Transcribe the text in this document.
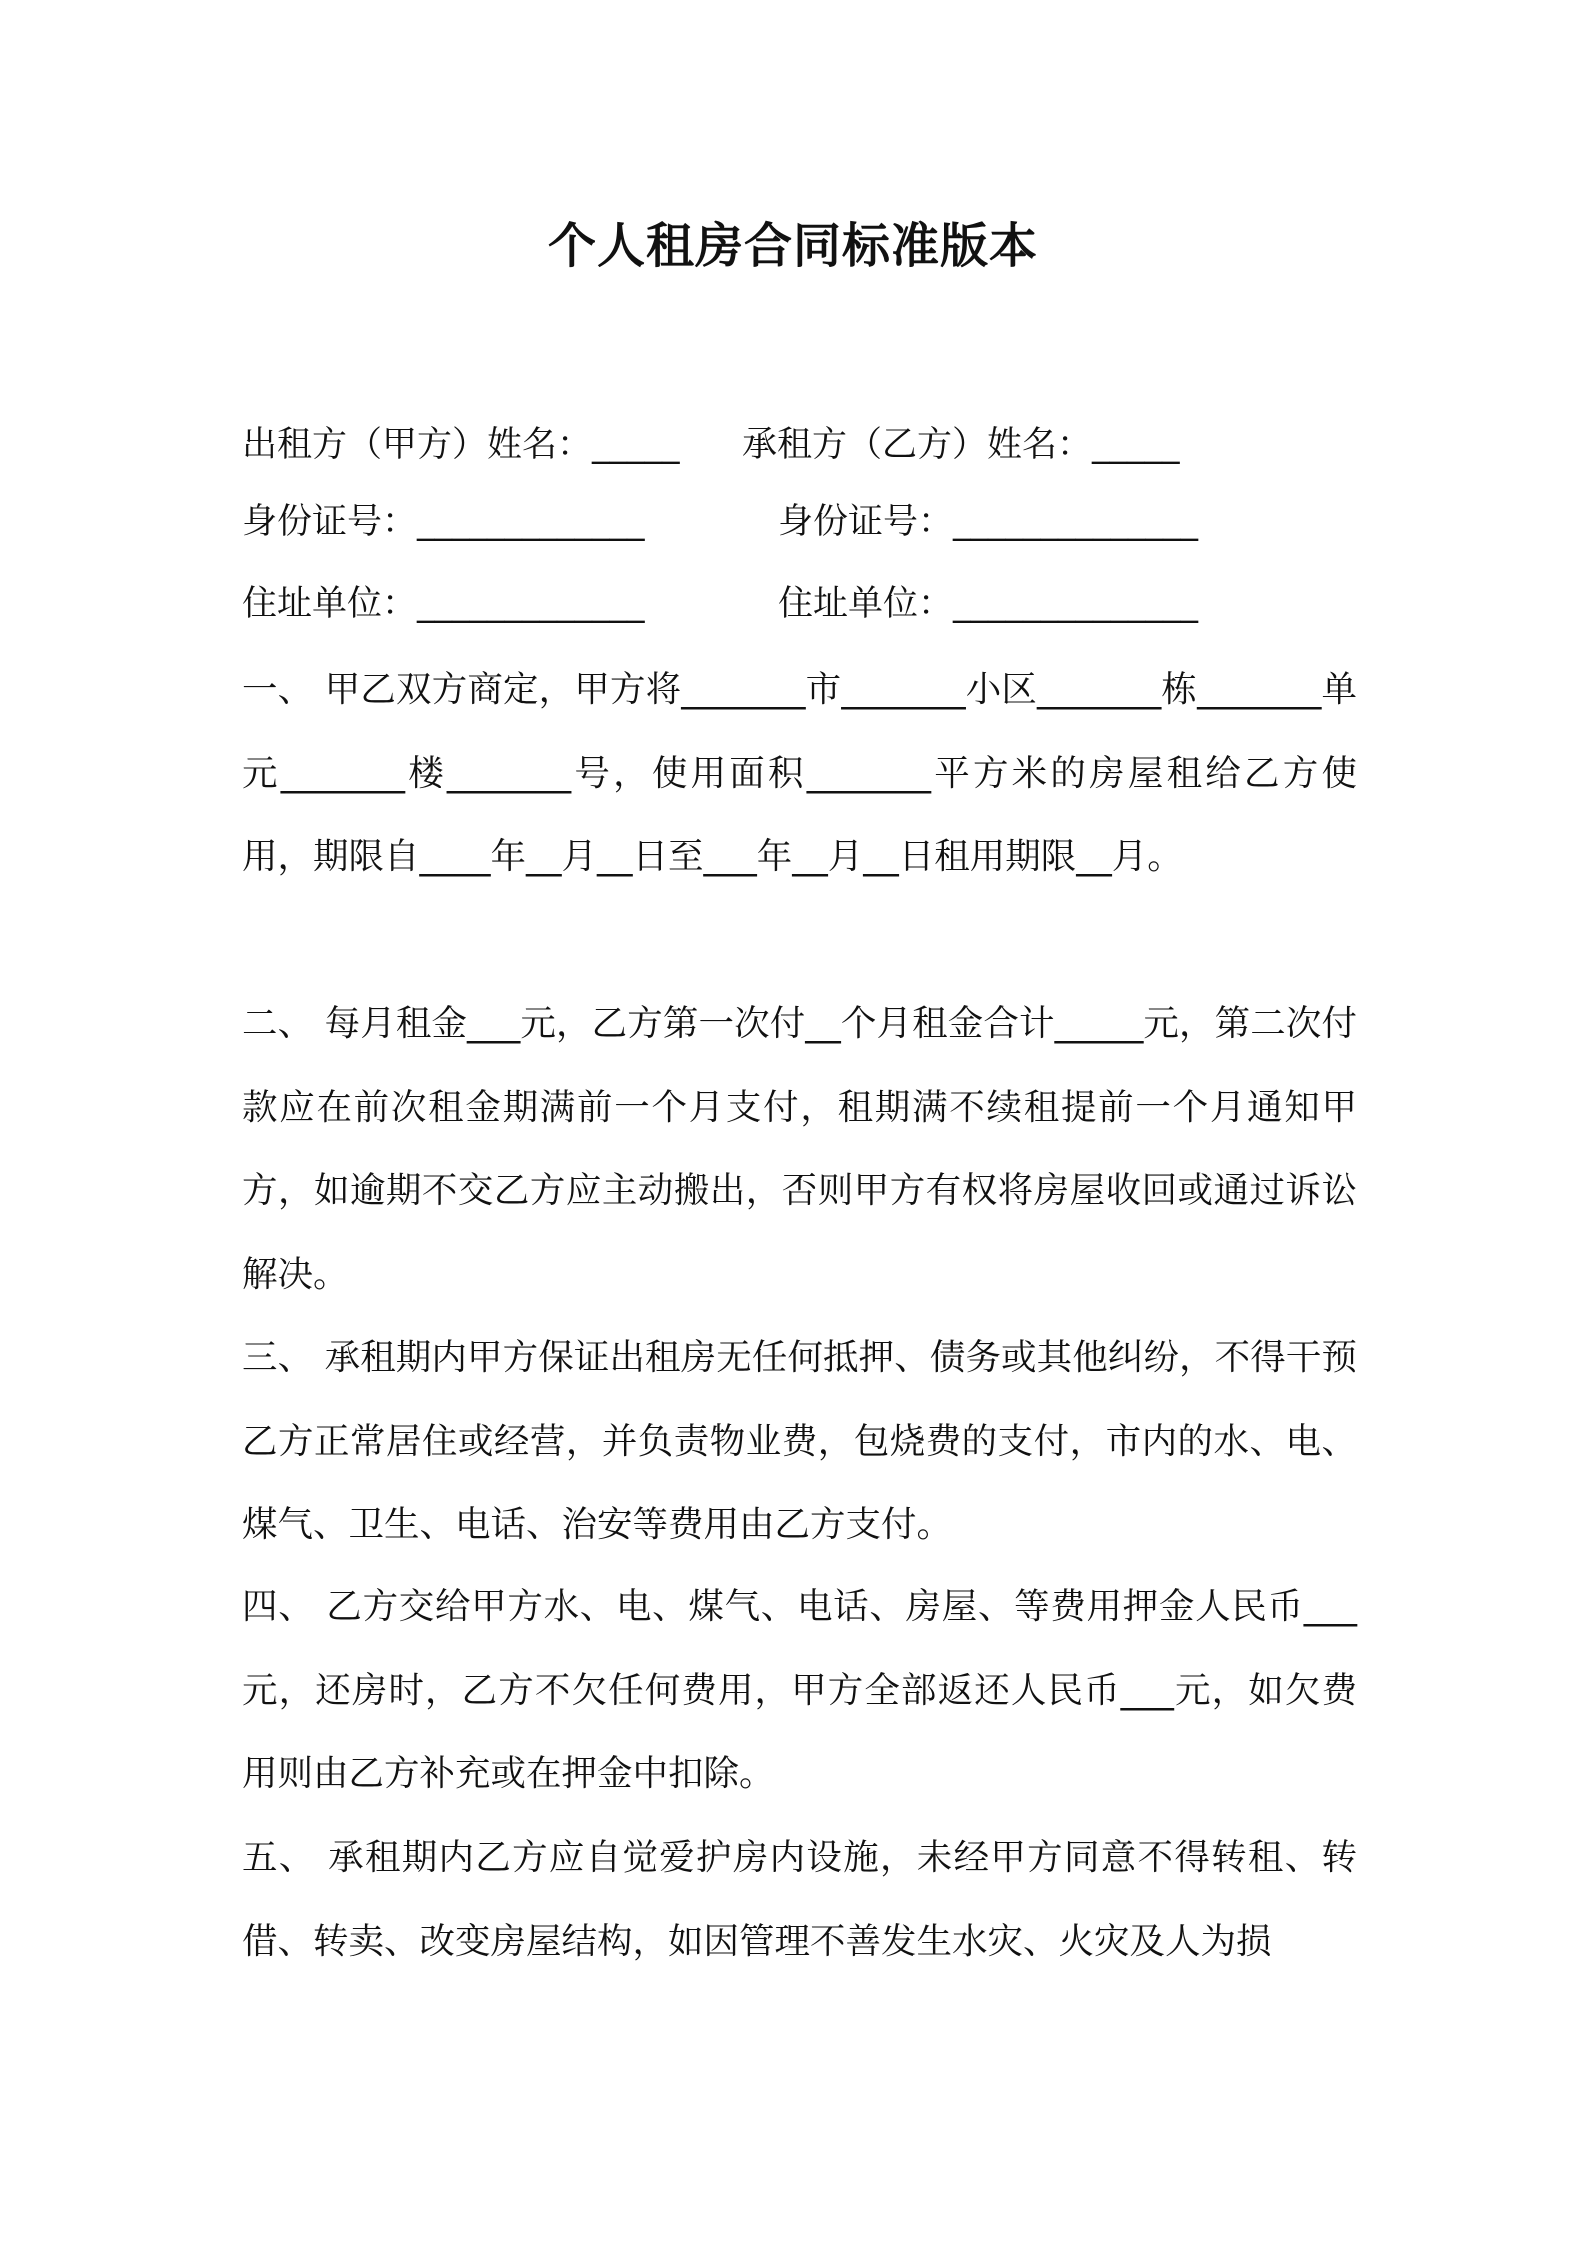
个人租房合同标准版本
出租方（甲方）姓名：_____ 承租方（乙方）姓名：_____
身份证号：_____________	身份证号：______________
住址单位：_____________	住址单位：______________

一、 甲乙双方商定，甲方将_______市_______小区_______栋_______单元_______楼_______号，使用面积_______平方米的房屋租给乙方使用，期限自____年__月__日至___年__月__日租用期限__月。

二、 每月租金___元，乙方第一次付__个月租金合计_____元，第二次付款应在前次租金期满前一个月支付，租期满不续租提前一个月通知甲方，如逾期不交乙方应主动搬出，否则甲方有权将房屋收回或通过诉讼解决。

三、 承租期内甲方保证出租房无任何抵押、债务或其他纠纷，不得干预乙方正常居住或经营，并负责物业费，包烧费的支付，市内的水、电、煤气、卫生、电话、治安等费用由乙方支付。

四、 乙方交给甲方水、电、煤气、电话、房屋、等费用押金人民币___元，还房时，乙方不欠任何费用，甲方全部返还人民币___元，如欠费用则由乙方补充或在押金中扣除。

五、 承租期内乙方应自觉爱护房内设施，未经甲方同意不得转租、转借、转卖、改变房屋结构，如因管理不善发生水灾、火灾及人为损
